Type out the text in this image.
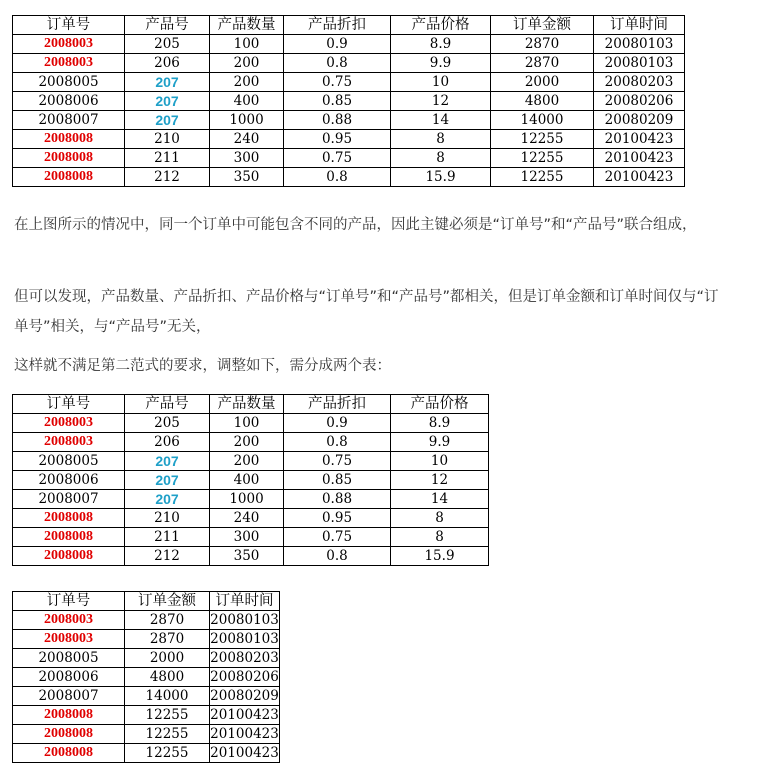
订单号	产品号	产品数量	产品折扣	产品价格	订单金额	订单时间
2008003	205	100	0.9	8.9	2870	20080103
2008003	206	200	0.8	9.9	2870	20080103
2008005	207	200	0.75	10	2000	20080203
2008006	207	400	0.85	12	4800	20080206
2008007	207	1000	0.88	14	14000	20080209
2008008	210	240	0.95	8	12255	20100423
2008008	211	300	0.75	8	12255	20100423
2008008	212	350	0.8	15.9	12255	20100423

在上图所示的情况中，同一个订单中可能包含不同的产品，因此主键必须是“订单号”和“产品号”联合组成，

但可以发现，产品数量、产品折扣、产品价格与“订单号”和“产品号”都相关，但是订单金额和订单时间仅与“订单号”相关，与“产品号”无关，

这样就不满足第二范式的要求，调整如下，需分成两个表：

订单号	产品号	产品数量	产品折扣	产品价格
2008003	205	100	0.9	8.9
2008003	206	200	0.8	9.9
2008005	207	200	0.75	10
2008006	207	400	0.85	12
2008007	207	1000	0.88	14
2008008	210	240	0.95	8
2008008	211	300	0.75	8
2008008	212	350	0.8	15.9
订单号	订单金额	订单时间
2008003	2870	20080103
2008003	2870	20080103
2008005	2000	20080203
2008006	4800	20080206
2008007	14000	20080209
2008008	12255	20100423
2008008	12255	20100423
2008008	12255	20100423
